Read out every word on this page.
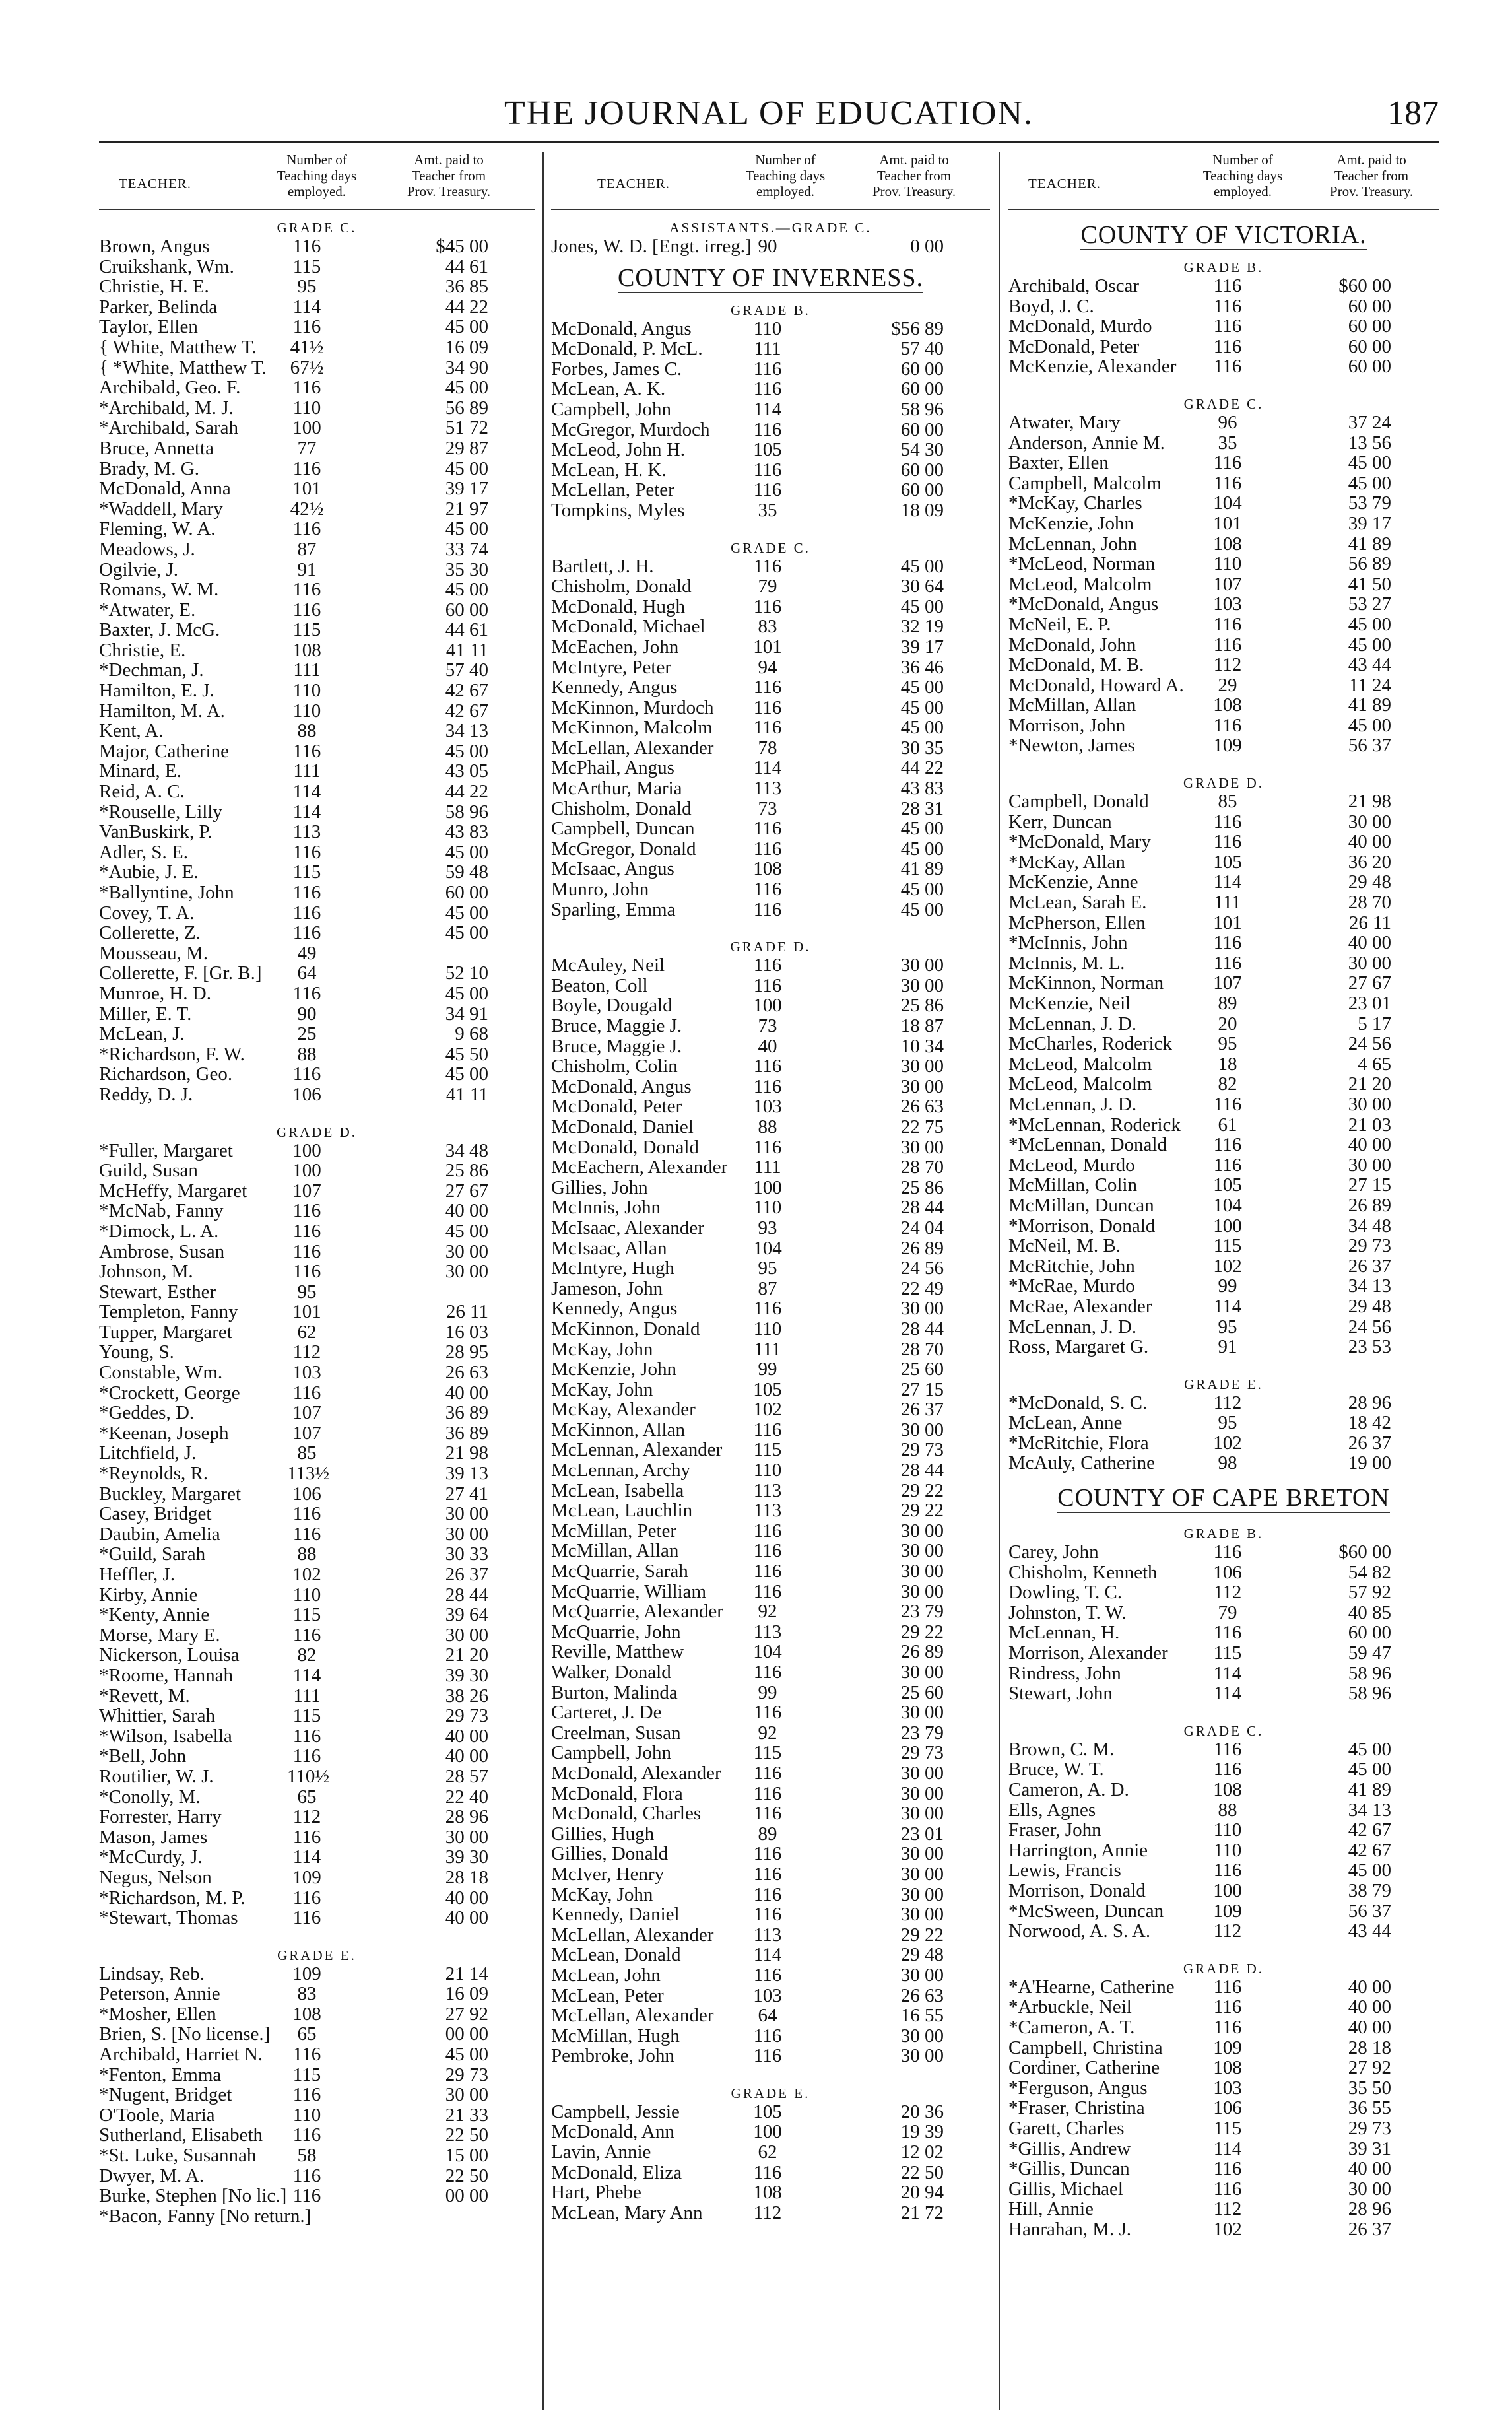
THE JOURNAL OF EDUCATION.	187
TEACHER.
Number of Teaching days employed.
Amt. paid to Teacher from Prov. Treasury.
GRADE C.
Brown, Angus	116	$45 00
Cruikshank, Wm.	115	44 61
Christie, H. E.	95	36 85
Parker, Belinda	114	44 22
Taylor, Ellen	116	45 00
{ White, Matthew T. 41½	16 09
{ *White, Matthew T. 67½	34 90
Archibald, Geo. F.	116	45 00
*Archibald, M. J.	110	56 89
*Archibald, Sarah	100	51 72
Bruce, Annetta	77	29 87
Brady, M. G.	116	45 00
McDonald, Anna	101	39 17
*Waddell, Mary	42½	21 97
Fleming, W. A.	116	45 00
Meadows, J.	87	33 74
Ogilvie, J.	91	35 30
Romans, W. M.	116	45 00
*Atwater, E.	116	60 00
Baxter, J. McG.	115	44 61
Christie, E.	108	41 11
*Dechman, J.	111	57 40
Hamilton, E. J.	110	42 67
Hamilton, M. A.	110	42 67
Kent, A.	88	34 13
Major, Catherine	116	45 00
Minard, E.	111	43 05
Reid, A. C.	114	44 22
*Rouselle, Lilly	114	58 96
VanBuskirk, P.	113	43 83
Adler, S. E.	116	45 00
*Aubie, J. E.	115	59 48
*Ballyntine, John	116	60 00
Covey, T. A.	116	45 00
Collerette, Z.	116	45 00
Mousseau, M.	49
Collerette, F. [Gr. B.]	64	52 10
Munroe, H. D.	116	45 00
Miller, E. T.	90	34 91
McLean, J.	25	9 68
*Richardson, F. W.	88	45 50
Richardson, Geo.	116	45 00
Reddy, D. J.	106	41 11
GRADE D.
*Fuller, Margaret	100	34 48
Guild, Susan	100	25 86
McHeffy, Margaret 107	27 67
*McNab, Fanny	116	40 00
*Dimock, L. A.	116	45 00
Ambrose, Susan	116	30 00
Johnson, M.	116	30 00
Stewart, Esther	95
Templeton, Fanny	101	26 11
Tupper, Margaret	62	16 03
Young, S.	112	28 95
Constable, Wm.	103	26 63
*Crockett, George	116	40 00
*Geddes, D.	107	36 89
*Keenan, Joseph	107	36 89
Litchfield, J.	85	21 98
*Reynolds, R.	113½	39 13
Buckley, Margaret	106	27 41
Casey, Bridget	116	30 00
Daubin, Amelia	116	30 00
*Guild, Sarah	88	30 33
Heffler, J.	102	26 37
Kirby, Annie	110	28 44
*Kenty, Annie	115	39 64
Morse, Mary E.	116	30 00
Nickerson, Louisa	82	21 20
*Roome, Hannah	114	39 30
*Revett, M.	111	38 26
Whittier, Sarah	115	29 73
*Wilson, Isabella	116	40 00
*Bell, John	116	40 00
Routilier, W. J.	110½	28 57
*Conolly, M.	65	22 40
Forrester, Harry	112	28 96
Mason, James	116	30 00
*McCurdy, J.	114	39 30
Negus, Nelson	109	28 18
*Richardson, M. P.	116	40 00
*Stewart, Thomas	116	40 00
GRADE E.
Lindsay, Reb.	109	21 14
Peterson, Annie	83	16 09
*Mosher, Ellen	108	27 92
Brien, S. [No license.]	65	00 00
Archibald, Harriet N.	116	45 00
*Fenton, Emma	115	29 73
*Nugent, Bridget	116	30 00
O'Toole, Maria	110	21 33
Sutherland, Elisabeth	116	22 50
*St. Luke, Susannah	58	15 00
Dwyer, M. A.	116	22 50
Burke, Stephen [No lic.] 116	00 00
*Bacon, Fanny [No return.]
TEACHER.
Number of Teaching days employed.
Amt. paid to Teacher from Prov. Treasury.
ASSISTANTS.—GRADE C.
Jones, W. D. [Engt. irreg.] 90	0 00
COUNTY OF INVERNESS.
GRADE B.
McDonald, Angus	110	$56 89
McDonald, P. McL.	111	57 40
Forbes, James C.	116	60 00
McLean, A. K.	116	60 00
Campbell, John	114	58 96
McGregor, Murdoch	116	60 00
McLeod, John H.	105	54 30
McLean, H. K.	116	60 00
McLellan, Peter	116	60 00
Tompkins, Myles	35	18 09
GRADE C.
Bartlett, J. H.	116	45 00
Chisholm, Donald	79	30 64
McDonald, Hugh	116	45 00
McDonald, Michael	83	32 19
McEachen, John	101	39 17
McIntyre, Peter	94	36 46
Kennedy, Angus	116	45 00
McKinnon, Murdoch	116	45 00
McKinnon, Malcolm	116	45 00
McLellan, Alexander	78	30 35
McPhail, Angus	114	44 22
McArthur, Maria	113	43 83
Chisholm, Donald	73	28 31
Campbell, Duncan	116	45 00
McGregor, Donald	116	45 00
McIsaac, Angus	108	41 89
Munro, John	116	45 00
Sparling, Emma	116	45 00
GRADE D.
McAuley, Neil	116	30 00
Beaton, Coll	116	30 00
Boyle, Dougald	100	25 86
Bruce, Maggie J.	73	18 87
Bruce, Maggie J.	40	10 34
Chisholm, Colin	116	30 00
McDonald, Angus	116	30 00
McDonald, Peter	103	26 63
McDonald, Daniel	88	22 75
McDonald, Donald	116	30 00
McEachern, Alexander	111	28 70
Gillies, John	100	25 86
McInnis, John	110	28 44
McIsaac, Alexander	93	24 04
McIsaac, Allan	104	26 89
McIntyre, Hugh	95	24 56
Jameson, John	87	22 49
Kennedy, Angus	116	30 00
McKinnon, Donald	110	28 44
McKay, John	111	28 70
McKenzie, John	99	25 60
McKay, John	105	27 15
McKay, Alexander	102	26 37
McKinnon, Allan	116	30 00
McLennan, Alexander	115	29 73
McLennan, Archy	110	28 44
McLean, Isabella	113	29 22
McLean, Lauchlin	113	29 22
McMillan, Peter	116	30 00
McMillan, Allan	116	30 00
McQuarrie, Sarah	116	30 00
McQuarrie, William	116	30 00
McQuarrie, Alexander	92	23 79
McQuarrie, John	113	29 22
Reville, Matthew	104	26 89
Walker, Donald	116	30 00
Burton, Malinda	99	25 60
Carteret, J. De	116	30 00
Creelman, Susan	92	23 79
Campbell, John	115	29 73
McDonald, Alexander	116	30 00
McDonald, Flora	116	30 00
McDonald, Charles	116	30 00
Gillies, Hugh	89	23 01
Gillies, Donald	116	30 00
McIver, Henry	116	30 00
McKay, John	116	30 00
Kennedy, Daniel	116	30 00
McLellan, Alexander	113	29 22
McLean, Donald	114	29 48
McLean, John	116	30 00
McLean, Peter	103	26 63
McLellan, Alexander	64	16 55
McMillan, Hugh	116	30 00
Pembroke, John	116	30 00
GRADE E.
Campbell, Jessie	105	20 36
McDonald, Ann	100	19 39
Lavin, Annie	62	12 02
McDonald, Eliza	116	22 50
Hart, Phebe	108	20 94
McLean, Mary Ann	112	21 72
TEACHER.
Number of Teaching days employed.
Amt. paid to Teacher from Prov. Treasury.
COUNTY OF VICTORIA.
GRADE B.
Archibald, Oscar	116	$60 00
Boyd, J. C.	116	60 00
McDonald, Murdo	116	60 00
McDonald, Peter	116	60 00
McKenzie, Alexander	116	60 00
GRADE C.
Atwater, Mary	96	37 24
Anderson, Annie M.	35	13 56
Baxter, Ellen	116	45 00
Campbell, Malcolm	116	45 00
*McKay, Charles	104	53 79
McKenzie, John	101	39 17
McLennan, John	108	41 89
*McLeod, Norman	110	56 89
McLeod, Malcolm	107	41 50
*McDonald, Angus	103	53 27
McNeil, E. P.	116	45 00
McDonald, John	116	45 00
McDonald, M. B.	112	43 44
McDonald, Howard A.	29	11 24
McMillan, Allan	108	41 89
Morrison, John	116	45 00
*Newton, James	109	56 37
GRADE D.
Campbell, Donald	85	21 98
Kerr, Duncan	116	30 00
*McDonald, Mary	116	40 00
*McKay, Allan	105	36 20
McKenzie, Anne	114	29 48
McLean, Sarah E.	111	28 70
McPherson, Ellen	101	26 11
*McInnis, John	116	40 00
McInnis, M. L.	116	30 00
McKinnon, Norman	107	27 67
McKenzie, Neil	89	23 01
McLennan, J. D.	20	5 17
McCharles, Roderick	95	24 56
McLeod, Malcolm	18	4 65
McLeod, Malcolm	82	21 20
McLennan, J. D.	116	30 00
*McLennan, Roderick	61	21 03
*McLennan, Donald	116	40 00
McLeod, Murdo	116	30 00
McMillan, Colin	105	27 15
McMillan, Duncan	104	26 89
*Morrison, Donald	100	34 48
McNeil, M. B.	115	29 73
McRitchie, John	102	26 37
*McRae, Murdo	99	34 13
McRae, Alexander	114	29 48
McLennan, J. D.	95	24 56
Ross, Margaret G.	91	23 53
GRADE E.
*McDonald, S. C.	112	28 96
McLean, Anne	95	18 42
*McRitchie, Flora	102	26 37
McAuly, Catherine	98	19 00
COUNTY OF CAPE BRETON
GRADE B.
Carey, John	116	$60 00
Chisholm, Kenneth	106	54 82
Dowling, T. C.	112	57 92
Johnston, T. W.	79	40 85
McLennan, H.	116	60 00
Morrison, Alexander	115	59 47
Rindress, John	114	58 96
Stewart, John	114	58 96
GRADE C.
Brown, C. M.	116	45 00
Bruce, W. T.	116	45 00
Cameron, A. D.	108	41 89
Ells, Agnes	88	34 13
Fraser, John	110	42 67
Harrington, Annie	110	42 67
Lewis, Francis	116	45 00
Morrison, Donald	100	38 79
*McSween, Duncan	109	56 37
Norwood, A. S. A.	112	43 44
GRADE D.
*A'Hearne, Catherine	116	40 00
*Arbuckle, Neil	116	40 00
*Cameron, A. T.	116	40 00
Campbell, Christina	109	28 18
Cordiner, Catherine	108	27 92
*Ferguson, Angus	103	35 50
*Fraser, Christina	106	36 55
Garett, Charles	115	29 73
*Gillis, Andrew	114	39 31
*Gillis, Duncan	116	40 00
Gillis, Michael	116	30 00
Hill, Annie	112	28 96
Hanrahan, M. J.	102	26 37
